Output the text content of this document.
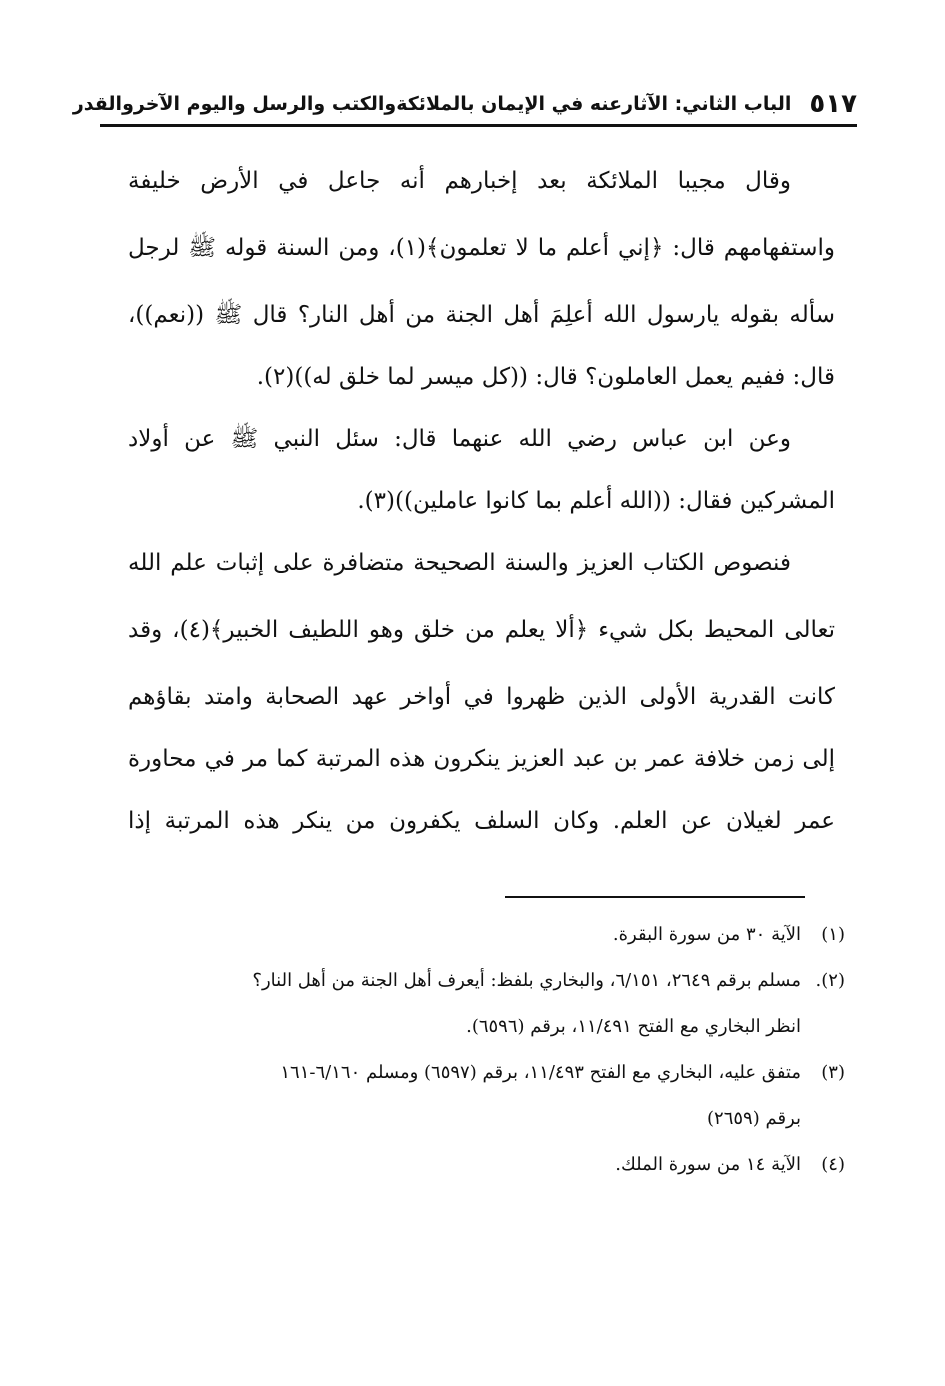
٥١٧
الباب الثاني: الآثارعنه في الإيمان بالملائكةوالكتب والرسل واليوم الآخروالقدر
وقال مجيبا الملائكة بعد إخبارهم أنه جاعل في الأرض خليفة
واستفهامهم قال: ﴿إني أعلم ما لا تعلمون﴾(١)، ومن السنة قوله ﷺ لرجل
سأله بقوله يارسول الله أعلِمَ أهل الجنة من أهل النار؟ قال ﷺ ((نعم))،
قال: ففيم يعمل العاملون؟ قال: ((كل ميسر لما خلق له))(٢).
وعن ابن عباس رضي الله عنهما قال: سئل النبي ﷺ عن أولاد
المشركين فقال: ((الله أعلم بما كانوا عاملين))(٣).
فنصوص الكتاب العزيز والسنة الصحيحة متضافرة على إثبات علم الله
تعالى المحيط بكل شيء ﴿ألا يعلم من خلق وهو اللطيف الخبير﴾(٤)، وقد
كانت القدرية الأولى الذين ظهروا في أواخر عهد الصحابة وامتد بقاؤهم
إلى زمن خلافة عمر بن عبد العزيز ينكرون هذه المرتبة كما مر في محاورة
عمر لغيلان عن العلم. وكان السلف يكفرون من ينكر هذه المرتبة إذا
(١)
الآية ٣٠ من سورة البقرة.
(٢).
مسلم برقم ٢٦٤٩، ٦/١٥١، والبخاري بلفظ: أيعرف أهل الجنة من أهل النار؟
انظر البخاري مع الفتح ١١/٤٩١، برقم (٦٥٩٦).
(٣)
متفق عليه، البخاري مع الفتح ١١/٤٩٣، برقم (٦٥٩٧) ومسلم ٦/١٦٠-١٦١
برقم (٢٦٥٩)
(٤)
الآية ١٤ من سورة الملك.
